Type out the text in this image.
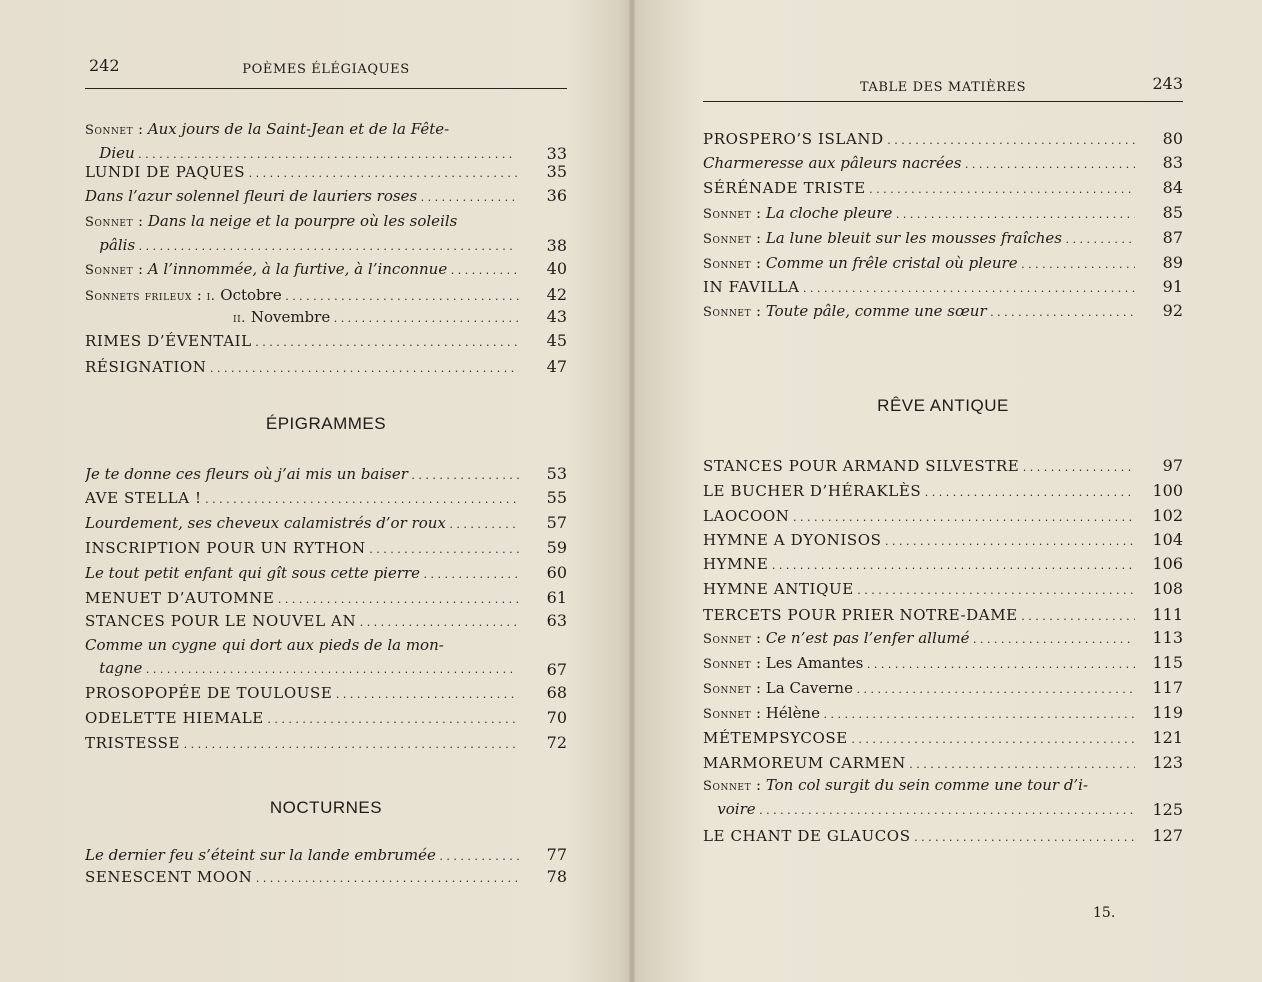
242	POÈMES ÉLÉGIAQUES
Sonnet : Aux jours de la Saint-Jean et de la Fête-
Dieu . . .	33
LUNDI DE PAQUES . . .	35
Dans l’azur solennel fleuri de lauriers roses . . .	36
Sonnet : Dans la neige et la pourpre où les soleils
pâlis . . .	38
Sonnet : A l’innommée, à la furtive, à l’inconnue . . .	40
Sonnets frileux : i. Octobre . . .	42
ii. Novembre . . .	43
RIMES D’ÉVENTAIL . . .	45
RÉSIGNATION . . .	47
ÉPIGRAMMES
Je te donne ces fleurs où j’ai mis un baiser . . .	53
AVE STELLA ! . . .	55
Lourdement, ses cheveux calamistrés d’or roux . . .	57
INSCRIPTION POUR UN RYTHON . . .	59
Le tout petit enfant qui gît sous cette pierre . . .	60
MENUET D’AUTOMNE . . .	61
STANCES POUR LE NOUVEL AN . . .	63
Comme un cygne qui dort aux pieds de la mon-
tagne . . .	67
PROSOPOPÉE DE TOULOUSE . . .	68
ODELETTE HIEMALE . . .	70
TRISTESSE . . .	72
NOCTURNES
Le dernier feu s’éteint sur la lande embrumée . . .	77
SENESCENT MOON . . .	78
TABLE DES MATIÈRES	243
PROSPERO’S ISLAND . . .	80
Charmeresse aux pâleurs nacrées . . .	83
SÉRÉNADE TRISTE . . .	84
Sonnet : La cloche pleure . . .	85
Sonnet : La lune bleuit sur les mousses fraîches . . .	87
Sonnet : Comme un frêle cristal où pleure . . .	89
IN FAVILLA . . .	91
Sonnet : Toute pâle, comme une sœur . . .	92
RÊVE ANTIQUE
STANCES POUR ARMAND SILVESTRE . . .	97
LE BUCHER D’HÉRAKLÈS . . .	100
LAOCOON . . .	102
HYMNE A DYONISOS . . .	104
HYMNE . . .	106
HYMNE ANTIQUE . . .	108
TERCETS POUR PRIER NOTRE-DAME . . .	111
Sonnet : Ce n’est pas l’enfer allumé . . .	113
Sonnet : Les Amantes . . .	115
Sonnet : La Caverne . . .	117
Sonnet : Hélène . . .	119
MÉTEMPSYCOSE . . .	121
MARMOREUM CARMEN . . .	123
Sonnet : Ton col surgit du sein comme une tour d’i-
voire . . .	125
LE CHANT DE GLAUCOS . . .	127
15.
